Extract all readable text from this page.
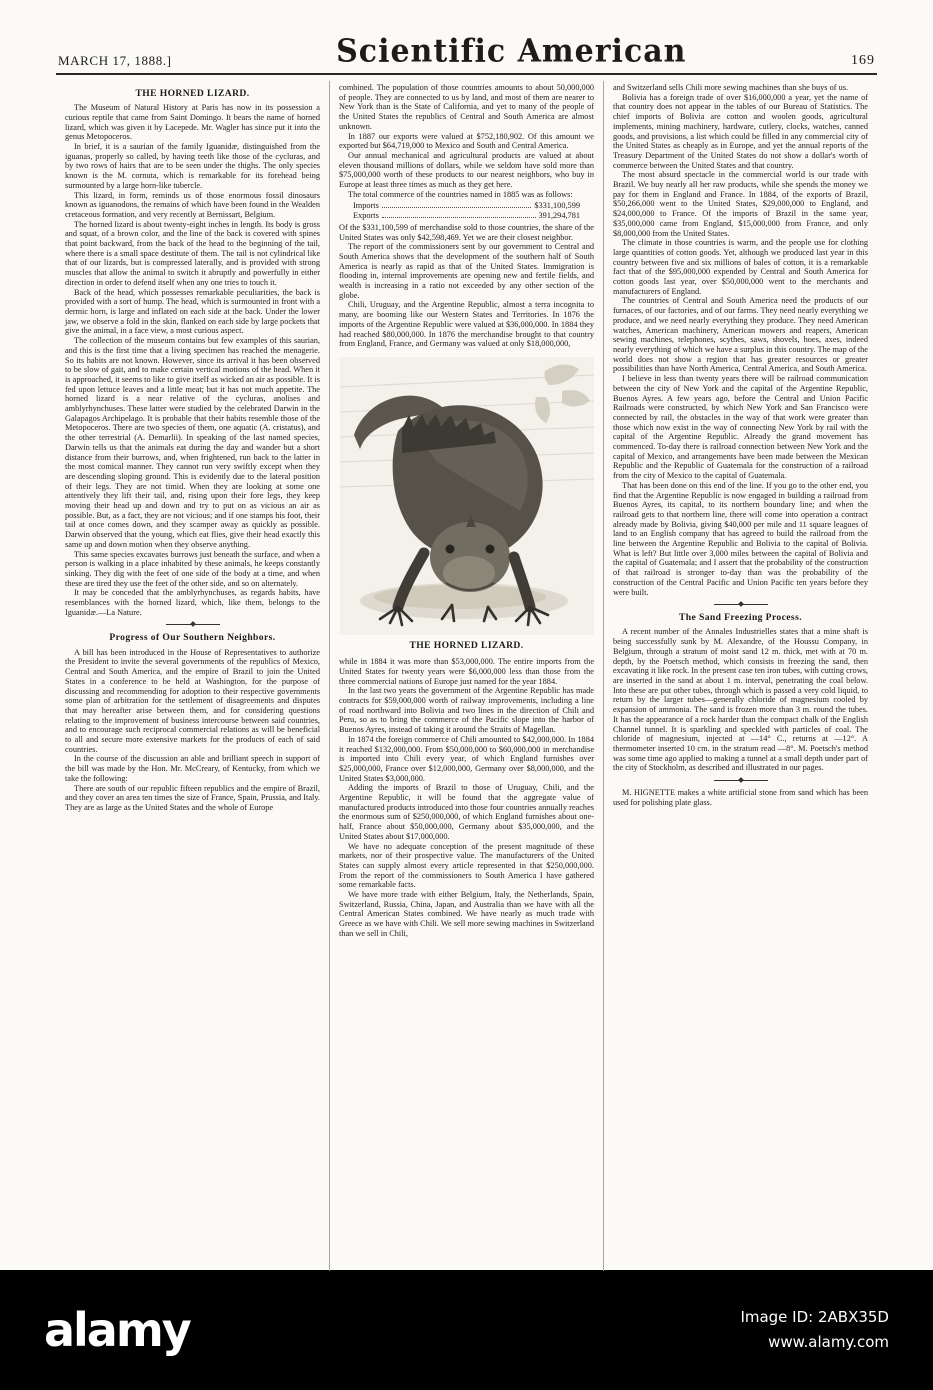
MARCH 17, 1888.]	Scientific American	169
THE HORNED LIZARD.

The Museum of Natural History at Paris has now in its possession a curious reptile that came from Saint Domingo. It bears the name of horned lizard, which was given it by Lacepede. Mr. Wagler has since put it into the genus Metopoceros.

In brief, it is a saurian of the family Iguanidæ, distinguished from the iguanas, properly so called, by having teeth like those of the cycluras, and by two rows of hairs that are to be seen under the thighs. The only species known is the M. cornuta, which is remarkable for its forehead being surmounted by a large horn-like tubercle.

This lizard, in form, reminds us of those enormous fossil dinosaurs known as iguanodons, the remains of which have been found in the Wealden cretaceous formation, and very recently at Bernissart, Belgium.

The horned lizard is about twenty-eight inches in length. Its body is gross and squat, of a brown color, and the line of the back is covered with spines that point backward, from the back of the head to the beginning of the tail, where there is a small space destitute of them. The tail is not cylindrical like that of our lizards, but is compressed laterally, and is provided with strong muscles that allow the animal to switch it abruptly and powerfully in either direction in order to defend itself when any one tries to touch it.

Back of the head, which possesses remarkable peculiarities, the back is provided with a sort of hump. The head, which is surmounted in front with a dermic horn, is large and inflated on each side at the back. Under the lower jaw, we observe a fold in the skin, flanked on each side by large pockets that give the animal, in a face view, a most curious aspect.

The collection of the museum contains but few examples of this saurian, and this is the first time that a living specimen has reached the menagerie. So its habits are not known. However, since its arrival it has been observed to be slow of gait, and to make certain vertical motions of the head. When it is approached, it seems to like to give itself as wicked an air as possible. It is fed upon lettuce leaves and a little meat; but it has not much appetite. The horned lizard is a near relative of the cycluras, anolises and amblyrhynchuses. These latter were studied by the celebrated Darwin in the Galapagos Archipelago. It is probable that their habits resemble those of the Metopoceros. There are two species of them, one aquatic (A. cristatus), and the other terrestrial (A. Demarlii). In speaking of the last named species, Darwin tells us that the animals eat during the day and wander but a short distance from their burrows, and, when frightened, run back to the latter in the most comical manner. They cannot run very swiftly except when they are descending sloping ground. This is evidently due to the lateral position of their legs. They are not timid. When they are looking at some one attentively they lift their tail, and, rising upon their fore legs, they keep moving their head up and down and try to put on as vicious an air as possible. But, as a fact, they are not vicious; and if one stamps his foot, their tail at once comes down, and they scamper away as quickly as possible. Darwin observed that the young, which eat flies, give their head exactly this same up and down motion when they observe anything.

This same species excavates burrows just beneath the surface, and when a person is walking in a place inhabited by these animals, he keeps constantly sinking. They dig with the feet of one side of the body at a time, and when these are tired they use the feet of the other side, and so on alternately.

It may be conceded that the amblyrhynchuses, as regards habits, have resemblances with the horned lizard, which, like them, belongs to the Iguanidæ.—La Nature.

Progress of Our Southern Neighbors.

A bill has been introduced in the House of Representatives to authorize the President to invite the several governments of the republics of Mexico, Central and South America, and the empire of Brazil to join the United States in a conference to be held at Washington, for the purpose of discussing and recommending for adoption to their respective governments some plan of arbitration for the settlement of disagreements and disputes that may hereafter arise between them, and for considering questions relating to the improvement of business intercourse between said countries, and to encourage such reciprocal commercial relations as will be beneficial to all and secure more extensive markets for the products of each of said countries.

In the course of the discussion an able and brilliant speech in support of the bill was made by the Hon. Mr. McCreary, of Kentucky, from which we take the following:

There are south of our republic fifteen republics and the empire of Brazil, and they cover an area ten times the size of France, Spain, Prussia, and Italy. They are as large as the United States and the whole of Europe

combined. The population of those countries amounts to about 50,000,000 of people. They are connected to us by land, and most of them are nearer to New York than is the State of California, and yet to many of the people of the United States the republics of Central and South America are almost unknown.

In 1887 our exports were valued at $752,180,902. Of this amount we exported but $64,719,000 to Mexico and South and Central America.

Our annual mechanical and agricultural products are valued at about eleven thousand millions of dollars, while we seldom have sold more than $75,000,000 worth of these products to our nearest neighbors, who buy in Europe at least three times as much as they get here.

The total commerce of the countries named in 1885 was as follows:

Imports	$331,100,599
Exports	391,294,781

Of the $331,100,599 of merchandise sold to those countries, the share of the United States was only $42,598,469. Yet we are their closest neighbor.

The report of the commissioners sent by our government to Central and South America shows that the development of the southern half of South America is nearly as rapid as that of the United States. Immigration is flooding in, internal improvements are opening new and fertile fields, and wealth is increasing in a ratio not exceeded by any other section of the globe.

Chili, Uruguay, and the Argentine Republic, almost a terra incognita to many, are booming like our Western States and Territories. In 1876 the imports of the Argentine Republic were valued at $36,000,000. In 1884 they had reached $80,000,000. In 1876 the merchandise brought to that country from England, France, and Germany was valued at only $18,000,000,

THE HORNED LIZARD.

while in 1884 it was more than $53,000,000. The entire imports from the United States for twenty years were $6,000,000 less than those from the three commercial nations of Europe just named for the year 1884.

In the last two years the government of the Argentine Republic has made contracts for $59,000,000 worth of railway improvements, including a line of road northward into Bolivia and two lines in the direction of Chili and Peru, so as to bring the commerce of the Pacific slope into the harbor of Buenos Ayres, instead of taking it around the Straits of Magellan.

In 1874 the foreign commerce of Chili amounted to $42,000,000. In 1884 it reached $132,000,000. From $50,000,000 to $60,000,000 in merchandise is imported into Chili every year, of which England furnishes over $25,000,000, France over $12,000,000, Germany over $8,000,000, and the United States $3,000,000.

Adding the imports of Brazil to those of Uruguay, Chili, and the Argentine Republic, it will be found that the aggregate value of manufactured products introduced into those four countries annually reaches the enormous sum of $250,000,000, of which England furnishes about one-half, France about $50,000,000, Germany about $35,000,000, and the United States about $17,000,000.

We have no adequate conception of the present magnitude of these markets, nor of their prospective value. The manufacturers of the United States can supply almost every article represented in that $250,000,000. From the report of the commissioners to South America I have gathered some remarkable facts.

We have more trade with either Belgium, Italy, the Netherlands, Spain, Switzerland, Russia, China, Japan, and Australia than we have with all the Central American States combined. We have nearly as much trade with Greece as we have with Chili. We sell more sewing machines in Switzerland than we sell in Chili,

and Switzerland sells Chili more sewing machines than she buys of us.

Bolivia has a foreign trade of over $16,000,000 a year, yet the name of that country does not appear in the tables of our Bureau of Statistics. The chief imports of Bolivia are cotton and woolen goods, agricultural implements, mining machinery, hardware, cutlery, clocks, watches, canned goods, and provisions, a list which could be filled in any commercial city of the United States as cheaply as in Europe, and yet the annual reports of the Treasury Department of the United States do not show a dollar's worth of commerce between the United States and that country.

The most absurd spectacle in the commercial world is our trade with Brazil. We buy nearly all her raw products, while she spends the money we pay for them in England and France. In 1884, of the exports of Brazil, $50,266,000 went to the United States, $29,000,000 to England, and $24,000,000 to France. Of the imports of Brazil in the same year, $35,000,000 came from England, $15,000,000 from France, and only $8,000,000 from the United States.

The climate in those countries is warm, and the people use for clothing large quantities of cotton goods. Yet, although we produced last year in this country between five and six millions of bales of cotton, it is a remarkable fact that of the $95,000,000 expended by Central and South America for cotton goods last year, over $50,000,000 went to the merchants and manufacturers of England.

The countries of Central and South America need the products of our furnaces, of our factories, and of our farms. They need nearly everything we produce, and we need nearly everything they produce. They need American watches, American machinery, American mowers and reapers, American sewing machines, telephones, scythes, saws, shovels, hoes, axes, indeed nearly everything of which we have a surplus in this country. The map of the world does not show a region that has greater resources or greater possibilities than have North America, Central America, and South America.

I believe in less than twenty years there will be railroad communication between the city of New York and the capital of the Argentine Republic, Buenos Ayres. A few years ago, before the Central and Union Pacific Railroads were constructed, by which New York and San Francisco were connected by rail, the obstacles in the way of that work were greater than those which now exist in the way of connecting New York by rail with the capital of the Argentine Republic. Already the grand movement has commenced. To-day there is railroad connection between New York and the capital of Mexico, and arrangements have been made between the Mexican Republic and the Republic of Guatemala for the construction of a railroad from the city of Mexico to the capital of Guatemala.

That has been done on this end of the line. If you go to the other end, you find that the Argentine Republic is now engaged in building a railroad from Buenos Ayres, its capital, to its northern boundary line; and when the railroad gets to that northern line, there will come into operation a contract already made by Bolivia, giving $40,000 per mile and 11 square leagues of land to an English company that has agreed to build the railroad from the line between the Argentine Republic and Bolivia to the capital of Bolivia. What is left? But little over 3,000 miles between the capital of Bolivia and the capital of Guatemala; and I assert that the probability of the construction of that railroad is stronger to-day than was the probability of the construction of the Central Pacific and Union Pacific ten years before they were built.

The Sand Freezing Process.

A recent number of the Annales Industrielles states that a mine shaft is being successfully sunk by M. Alexandre, of the Houssu Company, in Belgium, through a stratum of moist sand 12 m. thick, met with at 70 m. depth, by the Poetsch method, which consists in freezing the sand, then excavating it like rock. In the present case ten iron tubes, with cutting crows, are inserted in the sand at about 1 m. interval, penetrating the coal below. Into these are put other tubes, through which is passed a very cold liquid, to return by the larger tubes—generally chloride of magnesium cooled by expansion of ammonia. The sand is frozen more than 3 m. round the tubes. It has the appearance of a rock harder than the compact chalk of the English Channel tunnel. It is sparkling and speckled with particles of coal. The chloride of magnesium, injected at —14° C., returns at —12°. A thermometer inserted 10 cm. in the stratum read —8°. M. Poetsch's method was some time ago applied to making a tunnel at a small depth under part of the city of Stockholm, as described and illustrated in our pages.

M. HIGNETTE makes a white artificial stone from sand which has been used for polishing plate glass.

alamy	Image ID: 2ABX35D
www.alamy.com
